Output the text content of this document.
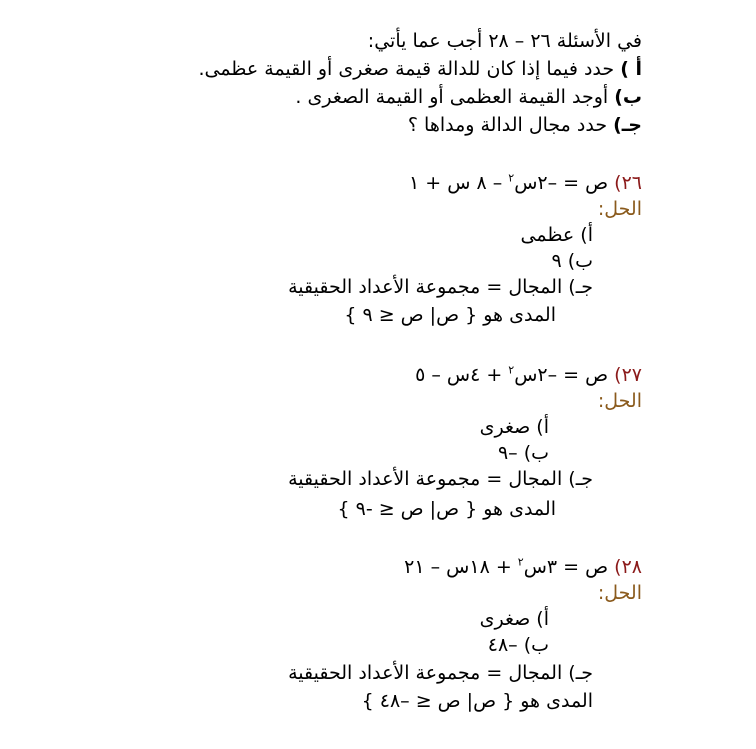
في الأسئلة ٢٦ – ٢٨ أجب عما يأتي:
أ ) حدد فيما إذا كان للدالة قيمة صغرى أو القيمة عظمى.
ب) أوجد القيمة العظمى أو القيمة الصغرى .
جـ) حدد مجال الدالة ومداها ؟
٢٦) ص = –٢س$^٢$ – ٨ س + ١
الحل:
أ) عظمى
ب) ٩
جـ) المجال = مجموعة الأعداد الحقيقية
المدى هو { ص| ص ≤ ٩ }
٢٧) ص = –٢س$^٢$ + ٤س – ٥
الحل:
أ) صغرى
ب) –٩
جـ) المجال = مجموعة الأعداد الحقيقية
المدى هو { ص| ص ≤ -٩ }
٢٨) ص = ٣س$^٢$ + ١٨س – ٢١
الحل:
أ) صغرى
ب) –٤٨
جـ) المجال = مجموعة الأعداد الحقيقية
المدى هو { ص| ص ≤ –٤٨ }
